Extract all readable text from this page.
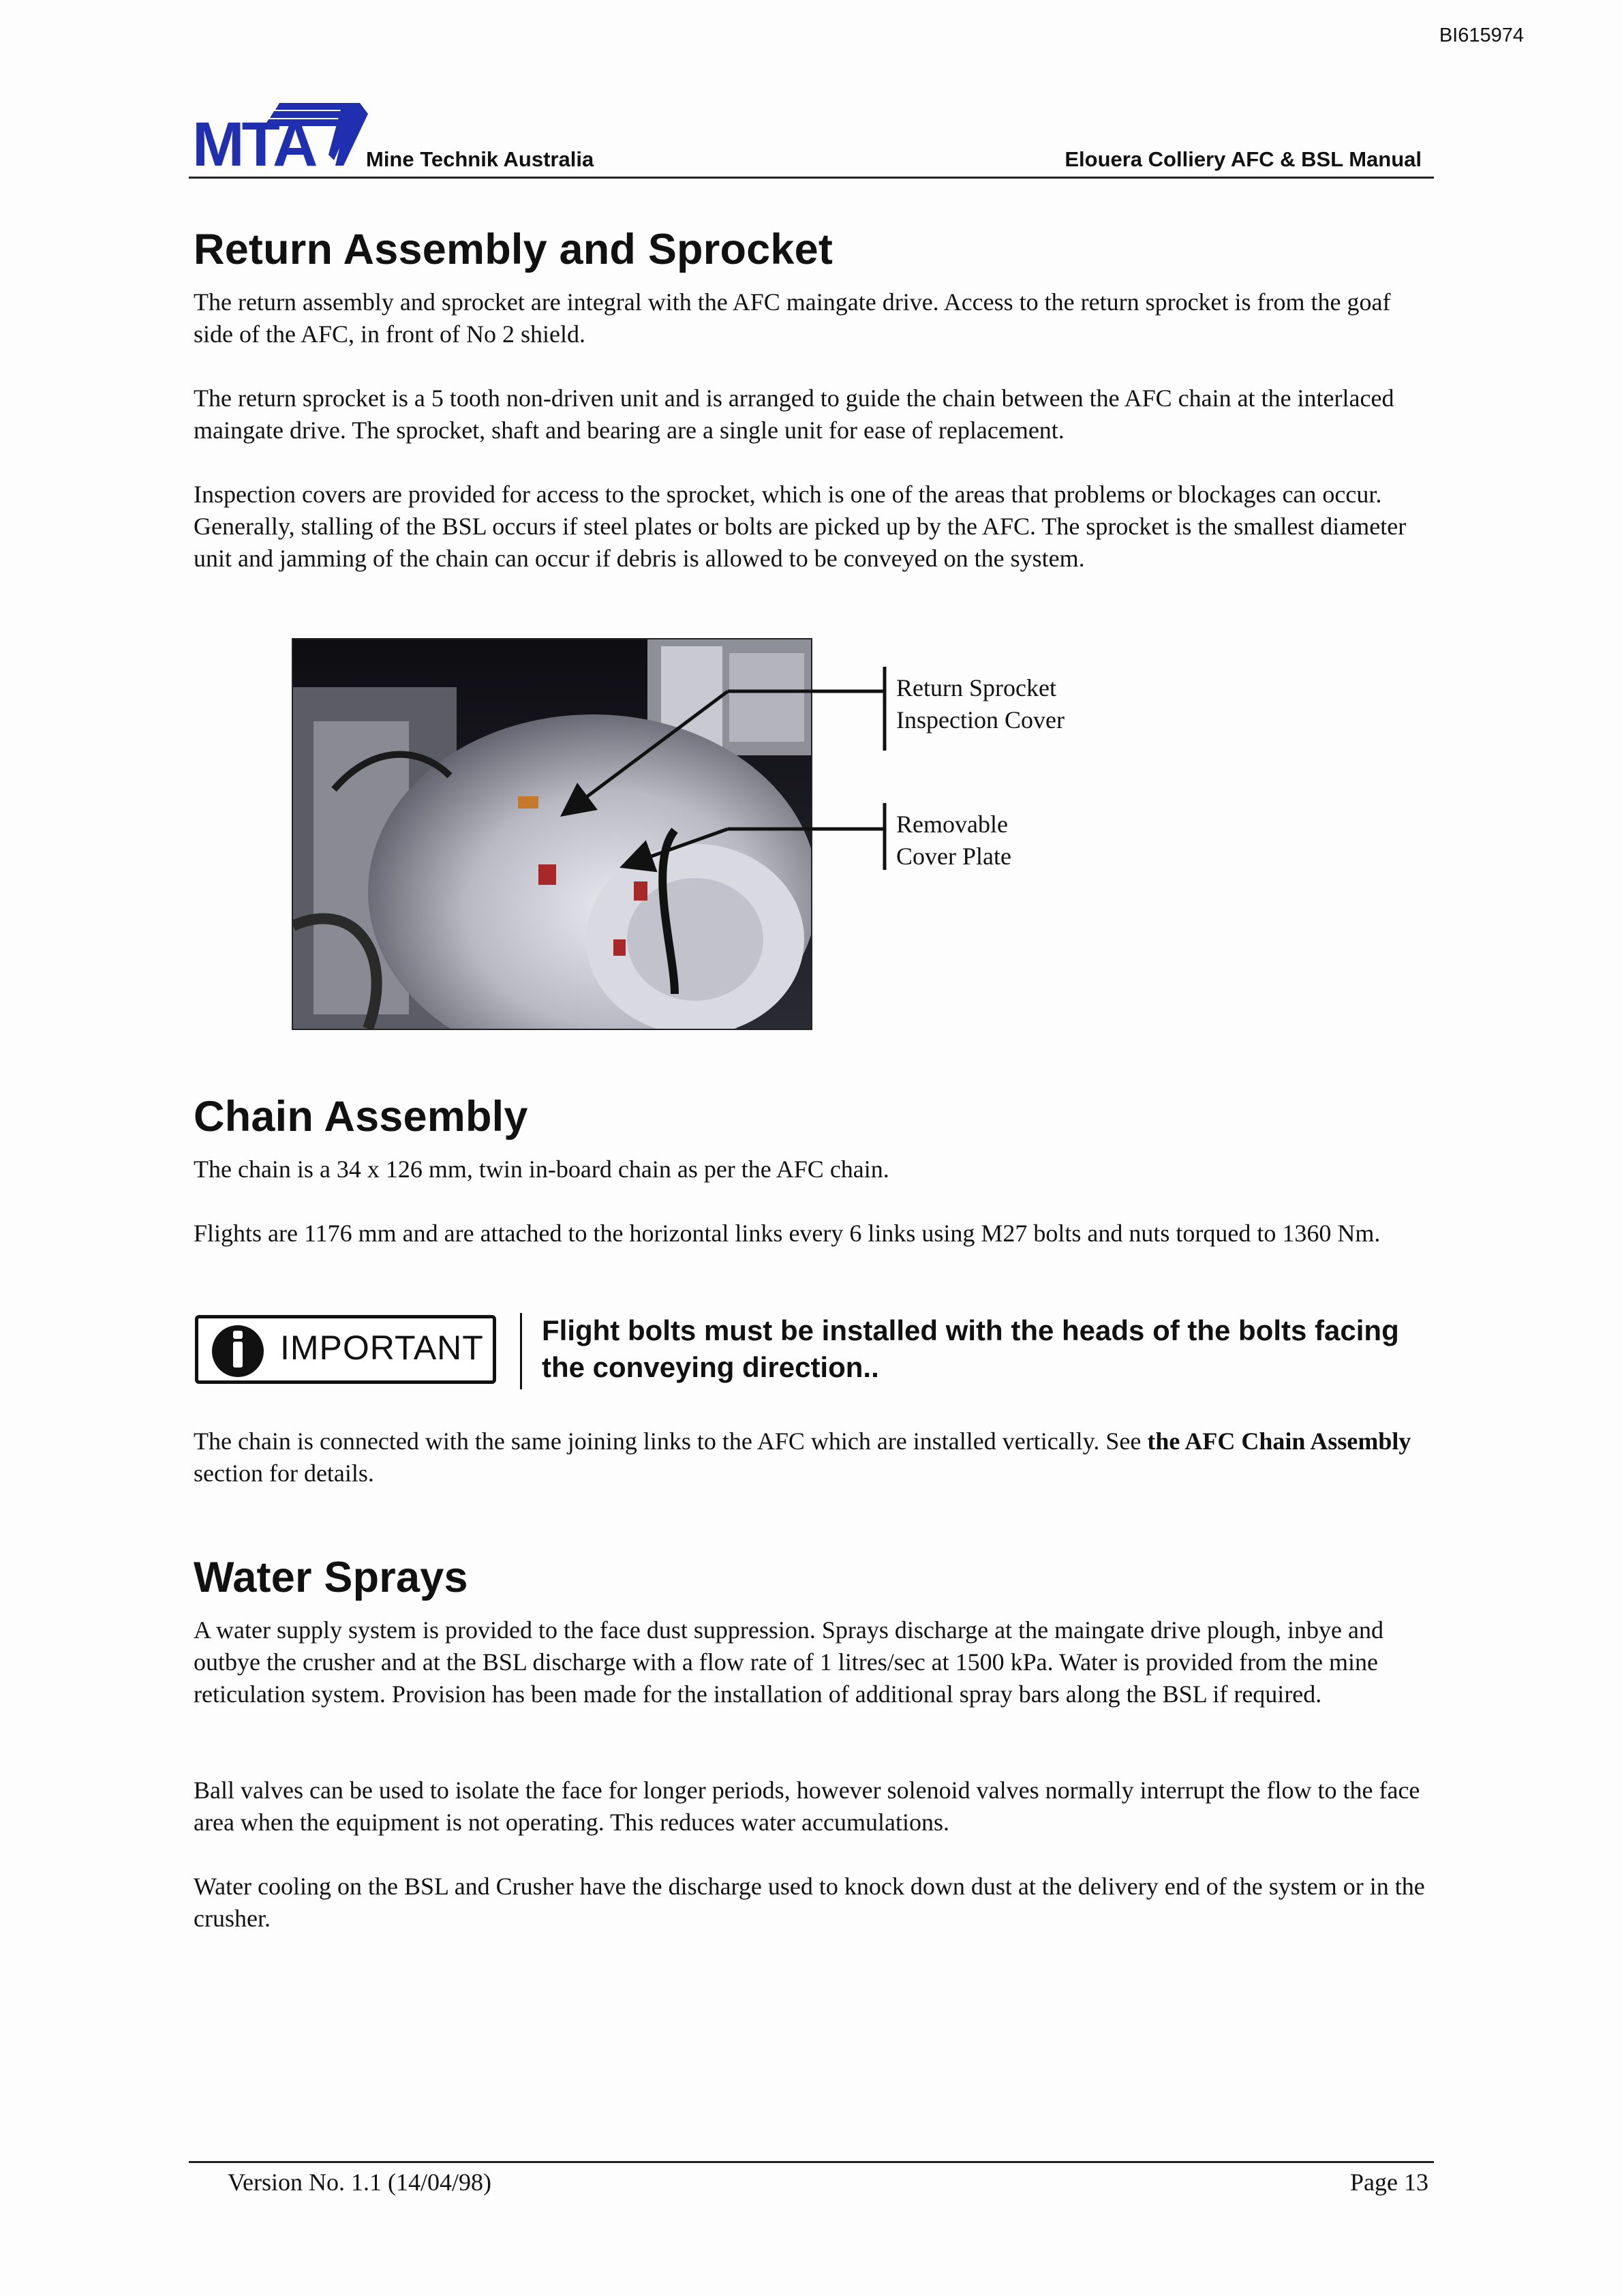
BI615974
MTA Mine Technik Australia	Elouera Colliery AFC & BSL Manual
Return Assembly and Sprocket
The return assembly and sprocket are integral with the AFC maingate drive. Access to the return sprocket is from the goaf side of the AFC, in front of No 2 shield.
The return sprocket is a 5 tooth non-driven unit and is arranged to guide the chain between the AFC chain at the interlaced maingate drive. The sprocket, shaft and bearing are a single unit for ease of replacement.
Inspection covers are provided for access to the sprocket, which is one of the areas that problems or blockages can occur. Generally, stalling of the BSL occurs if steel plates or bolts are picked up by the AFC. The sprocket is the smallest diameter unit and jamming of the chain can occur if debris is allowed to be conveyed on the system.
Return Sprocket Inspection Cover
Removable Cover Plate
Chain Assembly
The chain is a 34 x 126 mm, twin in-board chain as per the AFC chain.
Flights are 1176 mm and are attached to the horizontal links every 6 links using M27 bolts and nuts torqued to 1360 Nm.
IMPORTANT Flight bolts must be installed with the heads of the bolts facing the conveying direction..
The chain is connected with the same joining links to the AFC which are installed vertically. See the AFC Chain Assembly section for details.
Water Sprays
A water supply system is provided to the face dust suppression. Sprays discharge at the maingate drive plough, inbye and outbye the crusher and at the BSL discharge with a flow rate of 1 litres/sec at 1500 kPa. Water is provided from the mine reticulation system. Provision has been made for the installation of additional spray bars along the BSL if required.
Ball valves can be used to isolate the face for longer periods, however solenoid valves normally interrupt the flow to the face area when the equipment is not operating. This reduces water accumulations.
Water cooling on the BSL and Crusher have the discharge used to knock down dust at the delivery end of the system or in the crusher.
Version No. 1.1 (14/04/98)	Page 13
